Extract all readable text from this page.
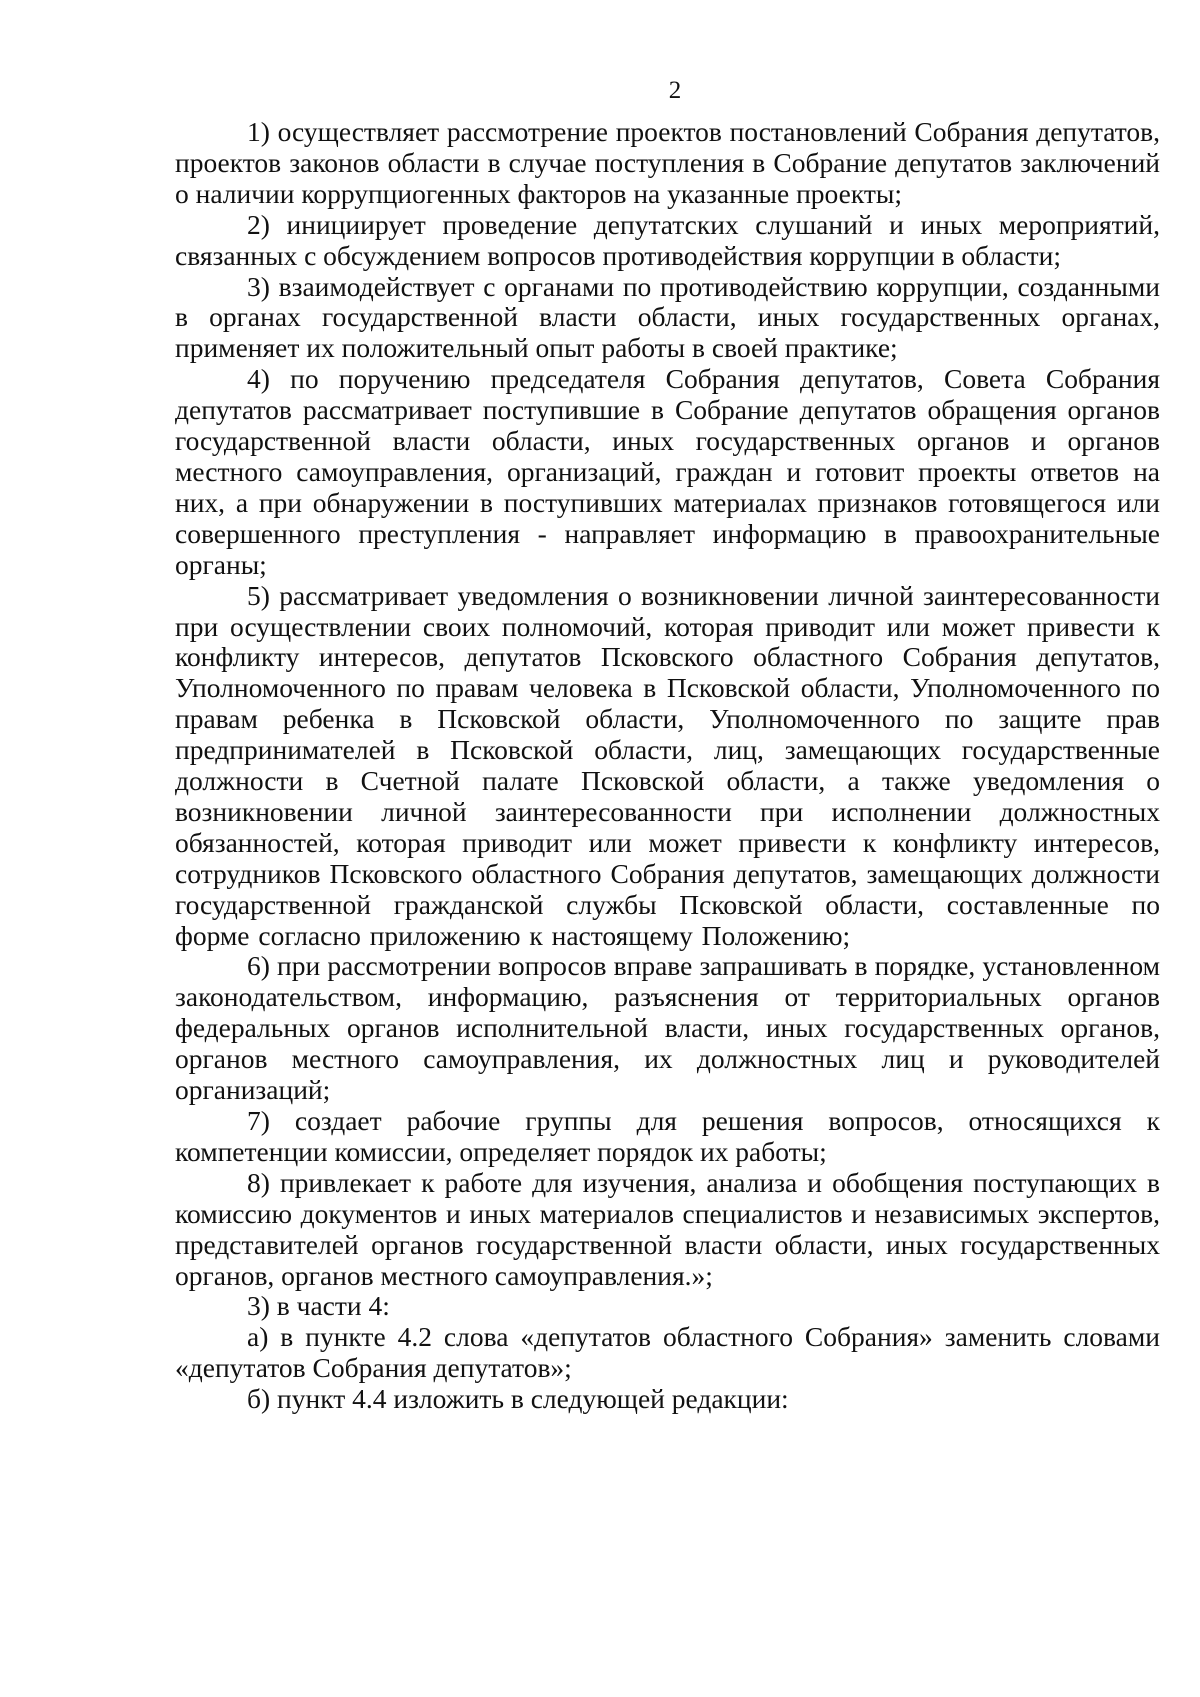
2

1) осуществляет рассмотрение проектов постановлений Собрания депутатов, проектов законов области в случае поступления в Собрание депутатов заключений о наличии коррупциогенных факторов на указанные проекты;

2) инициирует проведение депутатских слушаний и иных мероприятий, связанных с обсуждением вопросов противодействия коррупции в области;

3) взаимодействует с органами по противодействию коррупции, созданными в органах государственной власти области, иных государственных органах, применяет их положительный опыт работы в своей практике;

4) по поручению председателя Собрания депутатов, Совета Собрания депутатов рассматривает поступившие в Собрание депутатов обращения органов государственной власти области, иных государственных органов и органов местного самоуправления, организаций, граждан и готовит проекты ответов на них, а при обнаружении в поступивших материалах признаков готовящегося или совершенного преступления - направляет информацию в правоохранительные органы;

5) рассматривает уведомления о возникновении личной заинтересованности при осуществлении своих полномочий, которая приводит или может привести к конфликту интересов, депутатов Псковского областного Собрания депутатов, Уполномоченного по правам человека в Псковской области, Уполномоченного по правам ребенка в Псковской области, Уполномоченного по защите прав предпринимателей в Псковской области, лиц, замещающих государственные должности в Счетной палате Псковской области, а также уведомления о возникновении личной заинтересованности при исполнении должностных обязанностей, которая приводит или может привести к конфликту интересов, сотрудников Псковского областного Собрания депутатов, замещающих должности государственной гражданской службы Псковской области, составленные по форме согласно приложению к настоящему Положению;

6) при рассмотрении вопросов вправе запрашивать в порядке, установленном законодательством, информацию, разъяснения от территориальных органов федеральных органов исполнительной власти, иных государственных органов, органов местного самоуправления, их должностных лиц и руководителей организаций;

7) создает рабочие группы для решения вопросов, относящихся к компетенции комиссии, определяет порядок их работы;

8) привлекает к работе для изучения, анализа и обобщения поступающих в комиссию документов и иных материалов специалистов и независимых экспертов, представителей органов государственной власти области, иных государственных органов, органов местного самоуправления.»;

3) в части 4:

а) в пункте 4.2 слова «депутатов областного Собрания» заменить словами «депутатов Собрания депутатов»;

б) пункт 4.4 изложить в следующей редакции:
